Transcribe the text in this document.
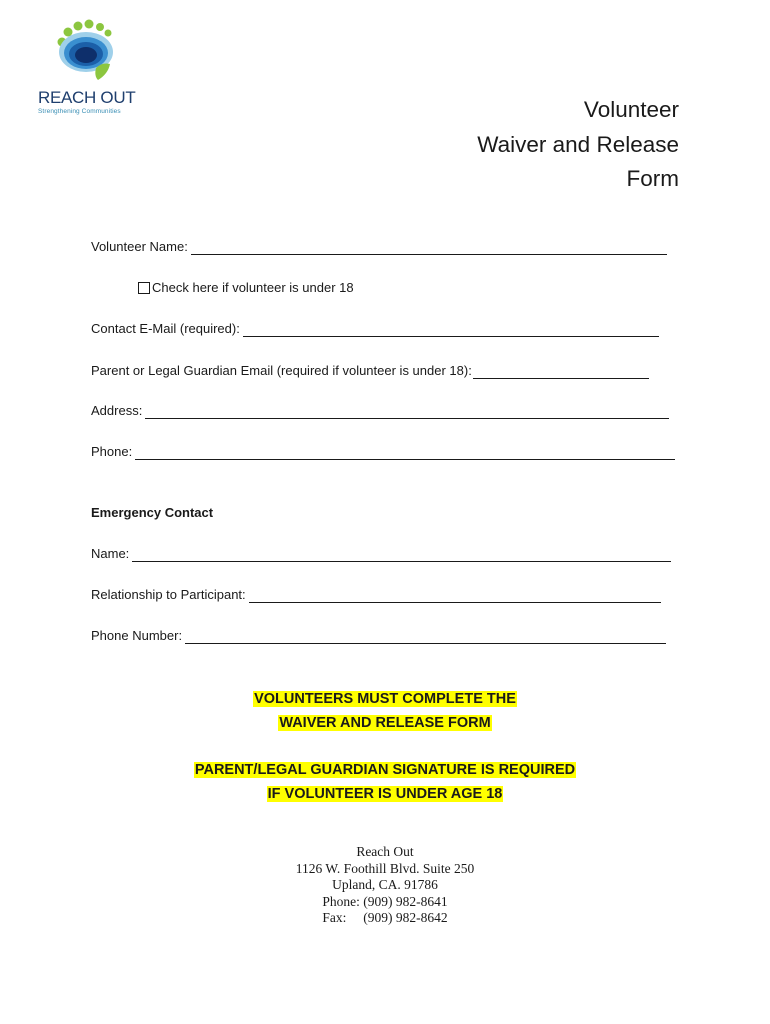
REACH OUT
Strengthening Communities	Volunteer
Waiver and Release
Form
Volunteer Name:
Check here if volunteer is under 18
Contact E-Mail (required):
Parent or Legal Guardian Email (required if volunteer is under 18):
Address:
Phone:
Emergency Contact
Name:
Relationship to Participant:
Phone Number:
VOLUNTEERS MUST COMPLETE THE
WAIVER AND RELEASE FORM
PARENT/LEGAL GUARDIAN SIGNATURE IS REQUIRED
IF VOLUNTEER IS UNDER AGE 18
Reach Out
1126 W. Foothill Blvd. Suite 250
Upland, CA. 91786
Phone: (909) 982-8641
Fax:     (909) 982-8642
